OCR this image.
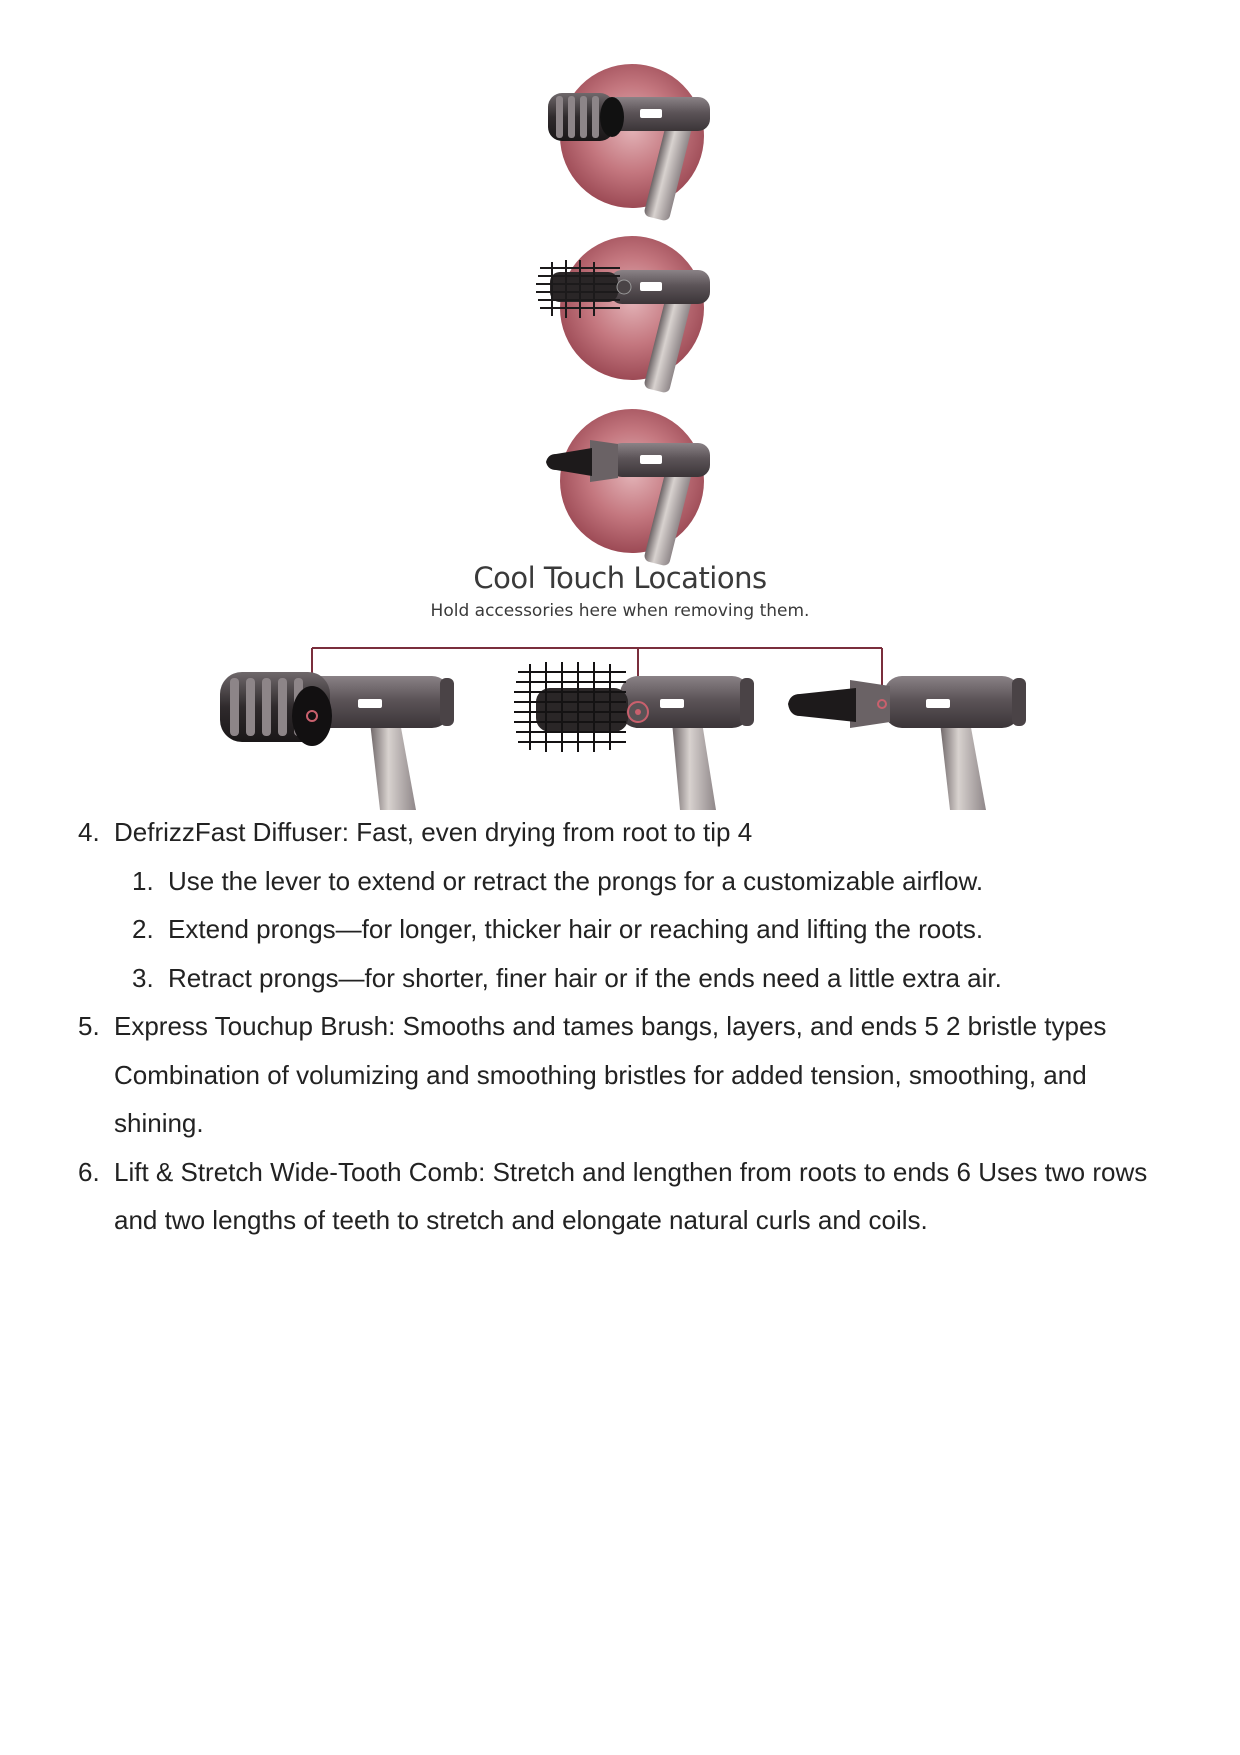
Cool Touch Locations
Hold accessories here when removing them.
4. DefrizzFast Diffuser: Fast, even drying from root to tip 4
1. Use the lever to extend or retract the prongs for a customizable airflow.
2. Extend prongs—for longer, thicker hair or reaching and lifting the roots.
3. Retract prongs—for shorter, finer hair or if the ends need a little extra air.
5. Express Touchup Brush: Smooths and tames bangs, layers, and ends 5 2 bristle types Combination of volumizing and smoothing bristles for added tension, smoothing, and shining.
6. Lift & Stretch Wide-Tooth Comb: Stretch and lengthen from roots to ends 6 Uses two rows and two lengths of teeth to stretch and elongate natural curls and coils.
